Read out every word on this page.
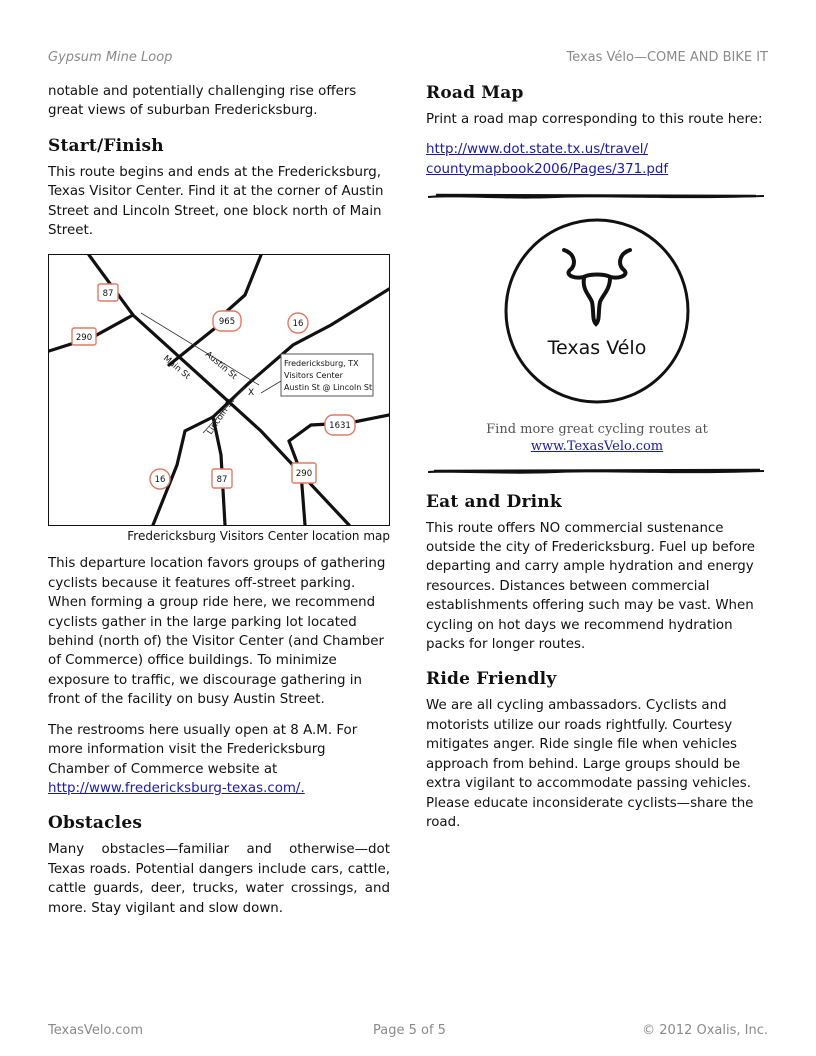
Gypsum Mine Loop	Texas Vélo—COME AND BIKE IT

notable and potentially challenging rise offers great views of suburban Fredericksburg.

Start/Finish

This route begins and ends at the Fredericksburg, Texas Visitor Center. Find it at the corner of Austin Street and Lincoln Street, one block north of Main Street.

87
290
965	16
1631
16	87
290
Main St Austin St
Lincoln St
X
Fredericksburg, TX
Visitors Center
Austin St @ Lincoln St
Fredericksburg Visitors Center location map

This departure location favors groups of gathering cyclists because it features off-street parking. When forming a group ride here, we recommend cyclists gather in the large parking lot located behind (north of) the Visitor Center (and Chamber of Commerce) office buildings. To minimize exposure to traffic, we discourage gathering in front of the facility on busy Austin Street.

The restrooms here usually open at 8 A.M. For more information visit the Fredericksburg Chamber of Commerce website at
http://www.fredericksburg-texas.com/.

Obstacles

Many obstacles—familiar and otherwise—dot Texas roads. Potential dangers include cars, cattle, cattle guards, deer, trucks, water crossings, and more. Stay vigilant and slow down.

Road Map

Print a road map corresponding to this route here:

http://www.dot.state.tx.us/travel/countymapbook2006/Pages/371.pdf

Texas Vélo
Find more great cycling routes at
www.TexasVelo.com
Eat and Drink

This route offers NO commercial sustenance outside the city of Fredericksburg. Fuel up before departing and carry ample hydration and energy resources. Distances between commercial establishments offering such may be vast. When cycling on hot days we recommend hydration packs for longer routes.

Ride Friendly

We are all cycling ambassadors. Cyclists and motorists utilize our roads rightfully. Courtesy mitigates anger. Ride single file when vehicles approach from behind. Large groups should be extra vigilant to accommodate passing vehicles. Please educate inconsiderate cyclists—share the road.

TexasVelo.com	Page 5 of 5	© 2012 Oxalis, Inc.
